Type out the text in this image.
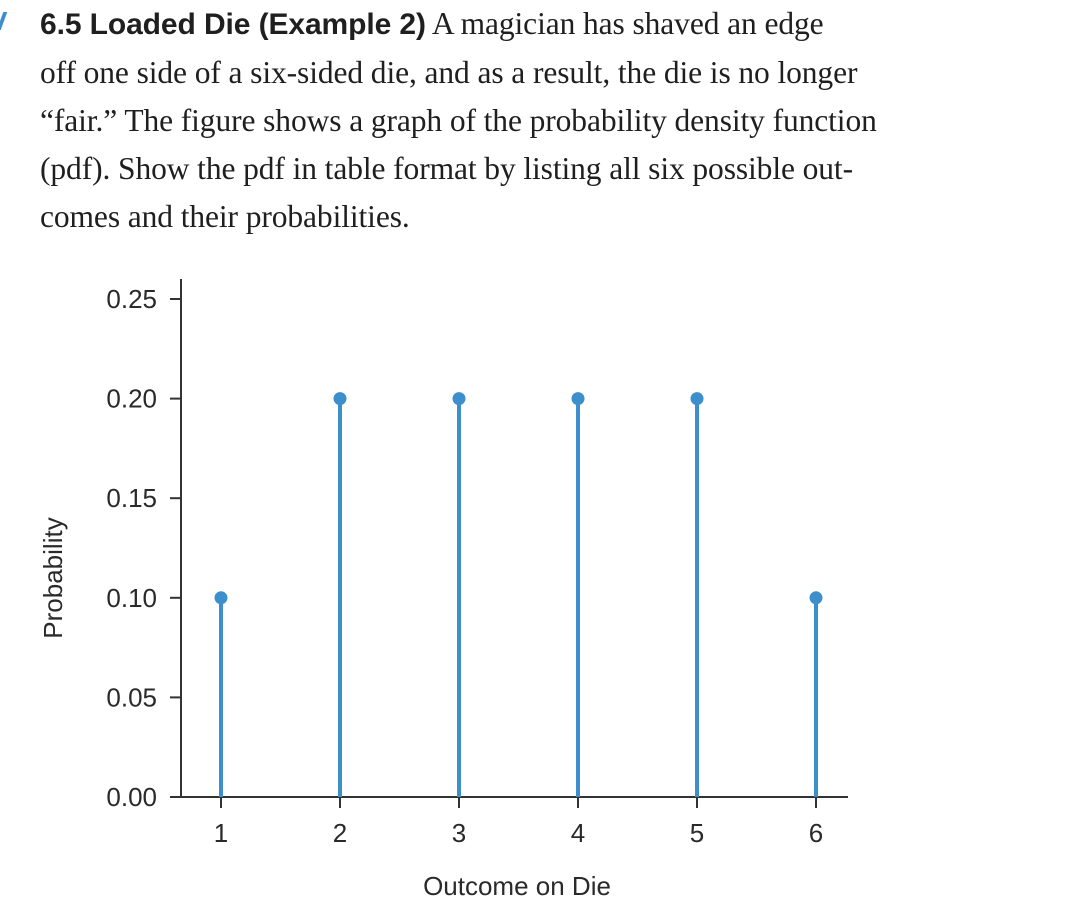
6.5 Loaded Die (Example 2) A magician has shaved an edge
off one side of a six-sided die, and as a result, the die is no longer
“fair.” The figure shows a graph of the probability density function
(pdf). Show the pdf in table format by listing all six possible out-
comes and their probabilities.
0.00
0.05
0.10
0.15
0.20
0.25
1	2	3	4	5	6
Probability
Outcome on Die
